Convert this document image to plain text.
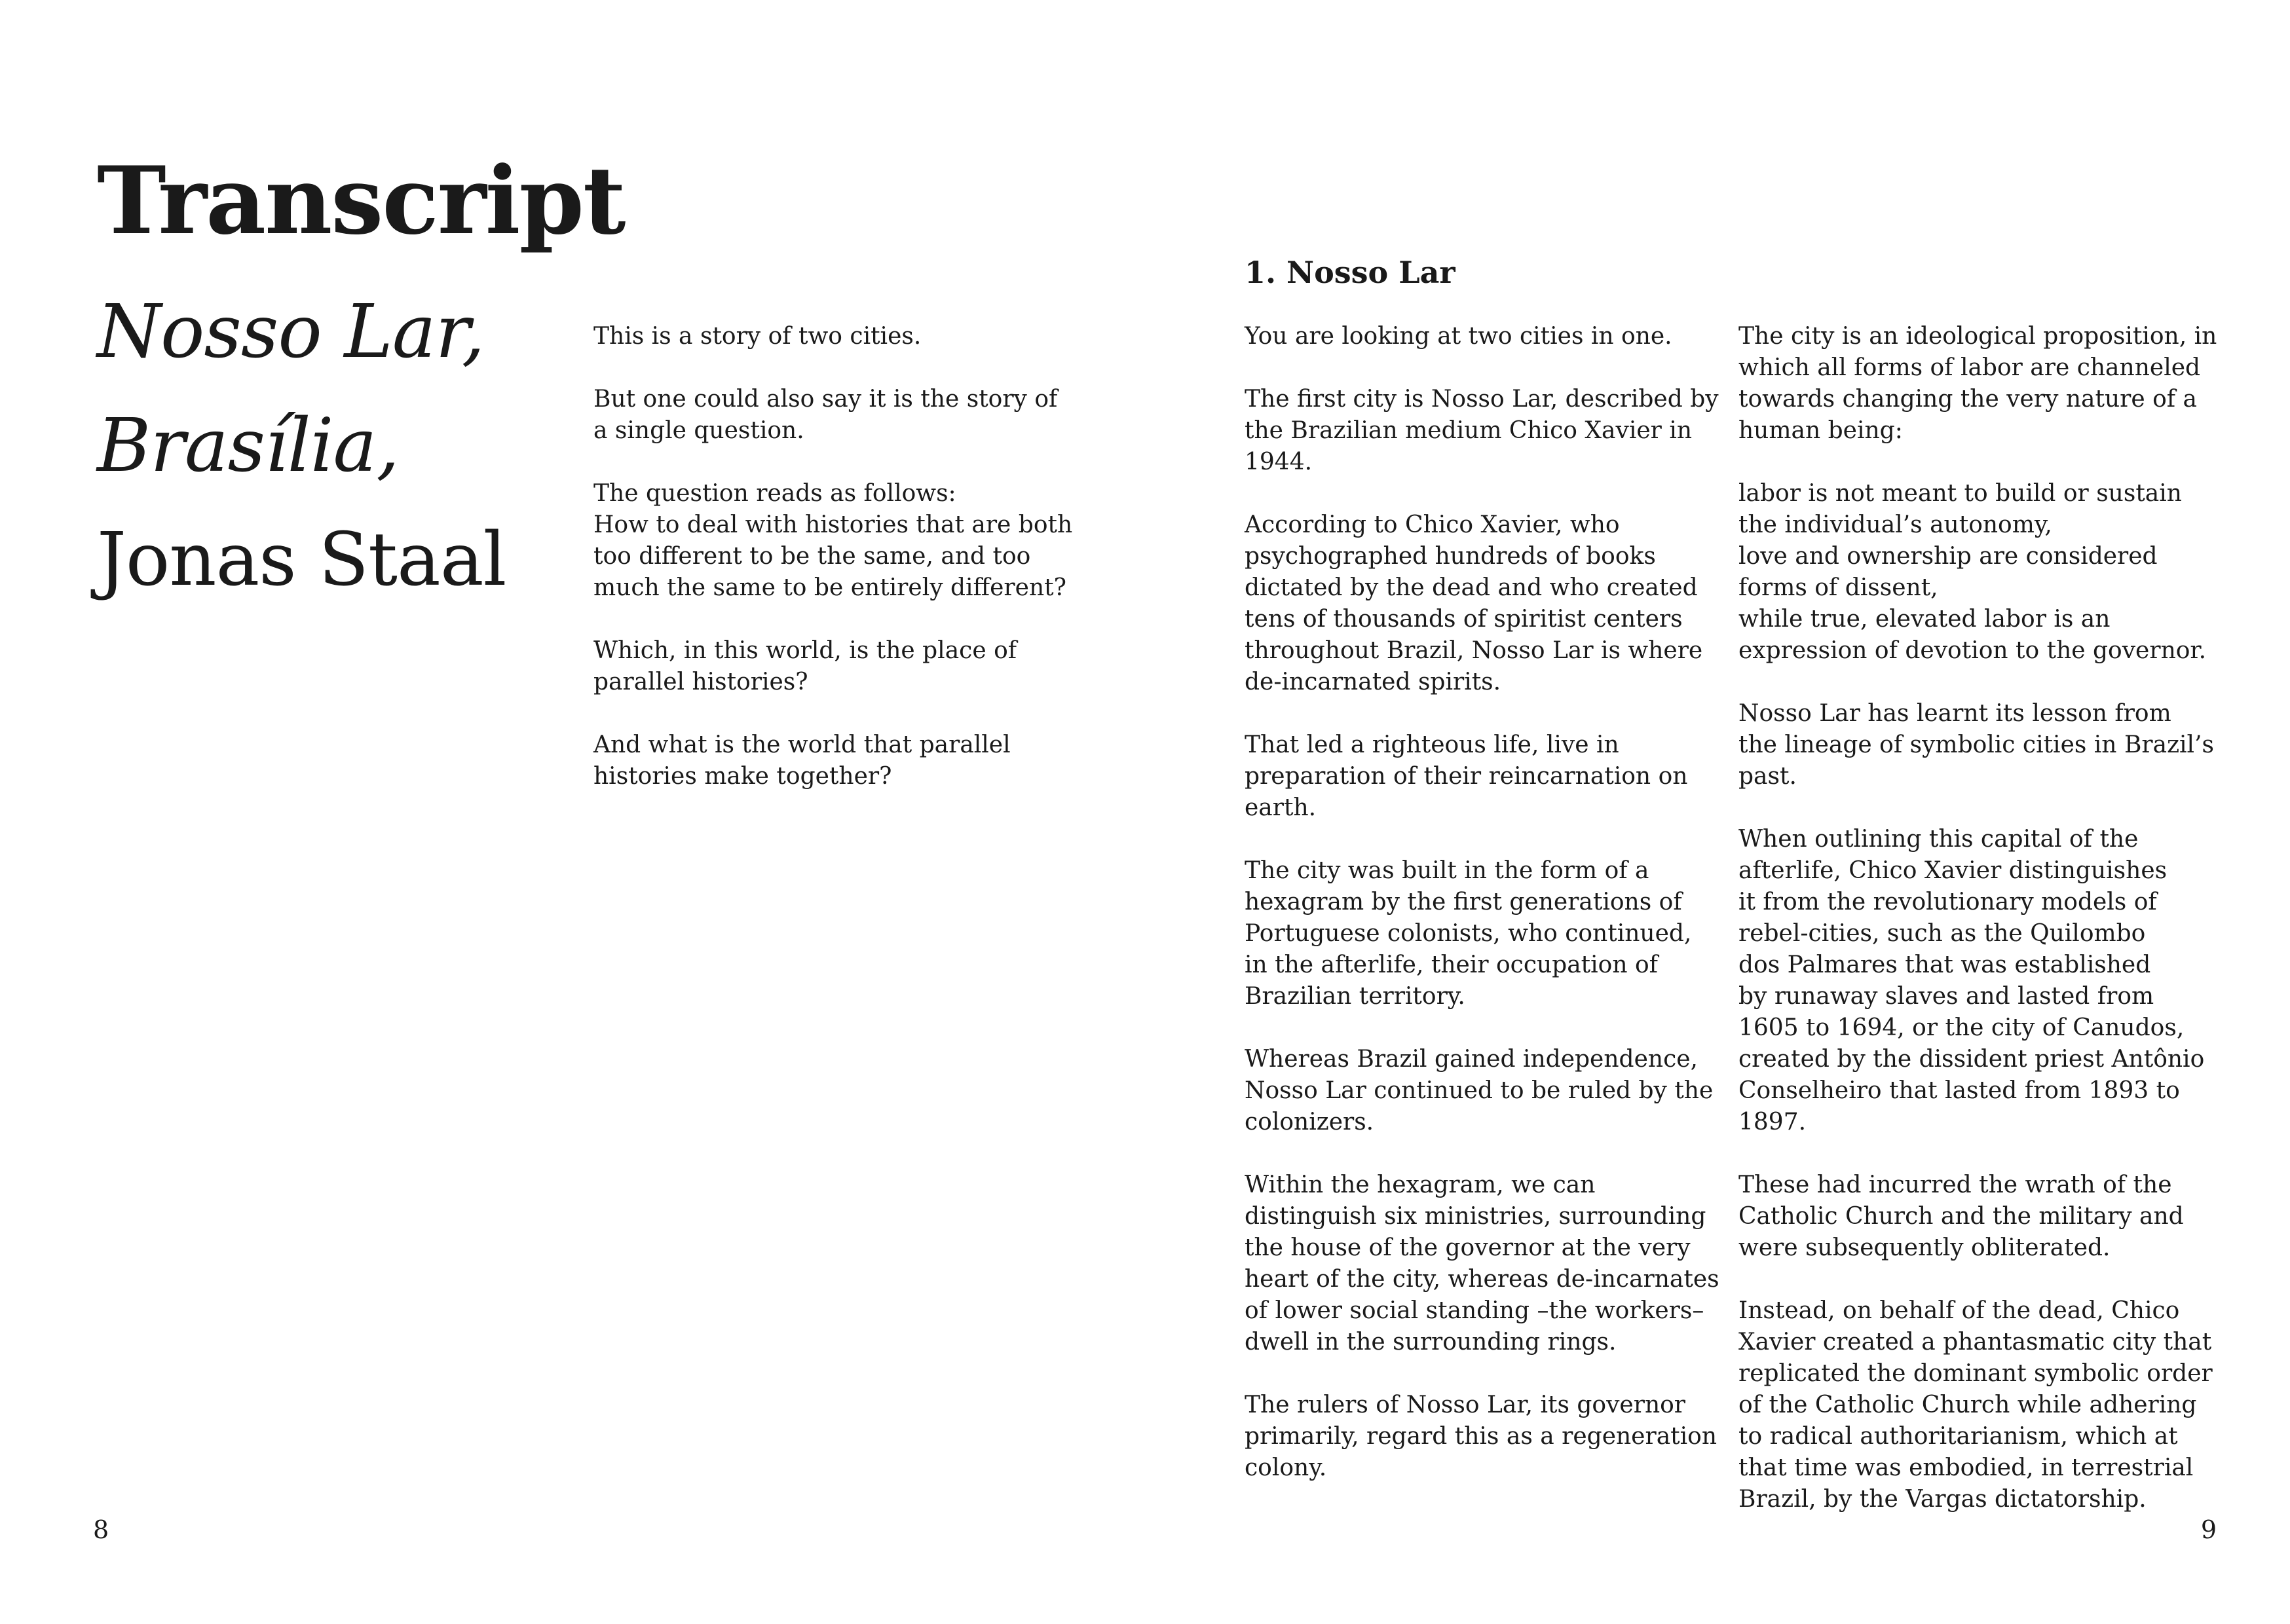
Transcript
Nosso Lar,
Brasília,
Jonas Staal

This is a story of two cities.

But one could also say it is the story of
a single question.

The question reads as follows:
How to deal with histories that are both
too different to be the same, and too
much the same to be entirely different?

Which, in this world, is the place of
parallel histories?

And what is the world that parallel
histories make together?

8
1. Nosso Lar

You are looking at two cities in one.

The first city is Nosso Lar, described by
the Brazilian medium Chico Xavier in
1944.

According to Chico Xavier, who
psychographed hundreds of books
dictated by the dead and who created
tens of thousands of spiritist centers
throughout Brazil, Nosso Lar is where
de-incarnated spirits.

That led a righteous life, live in
preparation of their reincarnation on
earth.

The city was built in the form of a
hexagram by the first generations of
Portuguese colonists, who continued,
in the afterlife, their occupation of
Brazilian territory.

Whereas Brazil gained independence,
Nosso Lar continued to be ruled by the
colonizers.

Within the hexagram, we can
distinguish six ministries, surrounding
the house of the governor at the very
heart of the city, whereas de-incarnates
of lower social standing –the workers–
dwell in the surrounding rings.

The rulers of Nosso Lar, its governor
primarily, regard this as a regeneration
colony.

The city is an ideological proposition, in
which all forms of labor are channeled
towards changing the very nature of a
human being:

labor is not meant to build or sustain
the individual’s autonomy,
love and ownership are considered
forms of dissent,
while true, elevated labor is an
expression of devotion to the governor.

Nosso Lar has learnt its lesson from
the lineage of symbolic cities in Brazil’s
past.

When outlining this capital of the
afterlife, Chico Xavier distinguishes
it from the revolutionary models of
rebel-cities, such as the Quilombo
dos Palmares that was established
by runaway slaves and lasted from
1605 to 1694, or the city of Canudos,
created by the dissident priest Antônio
Conselheiro that lasted from 1893 to
1897.

These had incurred the wrath of the
Catholic Church and the military and
were subsequently obliterated.

Instead, on behalf of the dead, Chico
Xavier created a phantasmatic city that
replicated the dominant symbolic order
of the Catholic Church while adhering
to radical authoritarianism, which at
that time was embodied, in terrestrial
Brazil, by the Vargas dictatorship.

9
